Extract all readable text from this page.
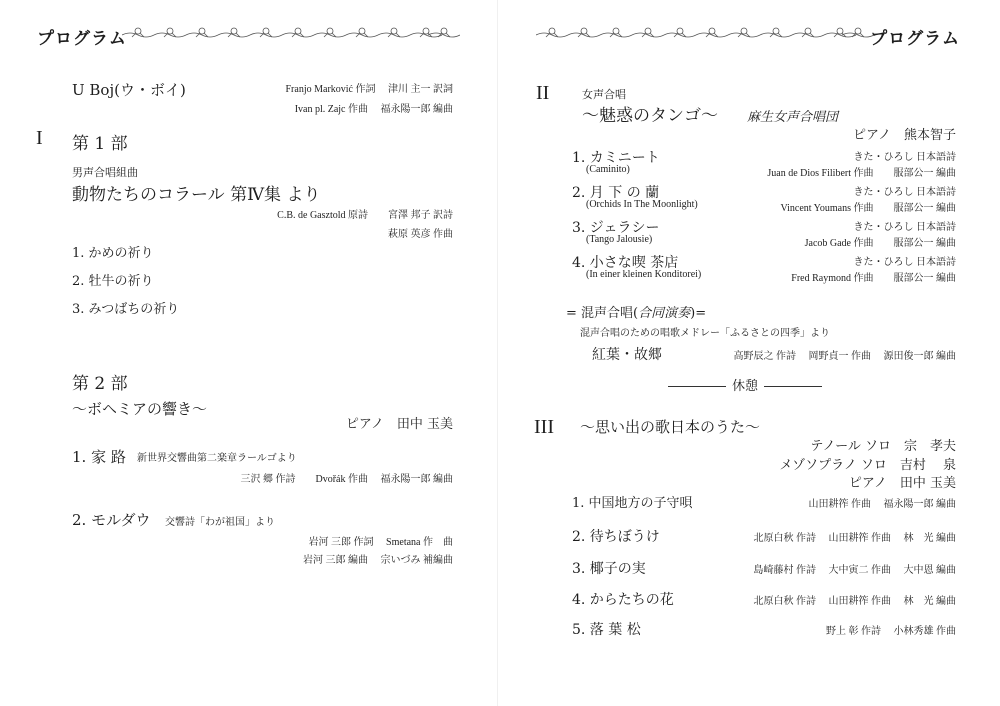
プログラム
U Boj(ウ・ボイ)	Franjo Marković 作詞　 津川 主一 訳詞
Ivan pl. Zajc 作曲　 福永陽一郎 編曲
I 第 1 部
男声合唱組曲
動物たちのコラール 第Ⅳ集 より
C.B. de Gasztold 原詩　　宮澤 邦子 訳詩
萩原 英彦 作曲
1. かめの祈り
2. 牡牛の祈り
3. みつばちの祈り
第 2 部
～ボヘミアの響き～
ピアノ　田中 玉美
1. 家 路 新世界交響曲第二楽章ラールゴより
三沢 郷 作詩　　Dvořák 作曲　 福永陽一郎 編曲
2. モルダウ 交響詩「わが祖国」より
岩河 三郎 作詞　 Smetana 作　曲
岩河 三郎 編曲　 宗いづみ 補編曲
プログラム
II	女声合唱
～魅惑のタンゴ～ 麻生女声合唱団
ピアノ　熊本智子
1. カミニート
(Caminito)
きた・ひろし 日本語詩
Juan de Dios Filibert 作曲　　服部公一 編曲
2. 月 下 の 蘭
(Orchids In The Moonlight)
きた・ひろし 日本語詩
Vincent Youmans 作曲　　服部公一 編曲
3. ジェラシー
(Tango Jalousie)
きた・ひろし 日本語詩
Jacob Gade 作曲　　服部公一 編曲
4. 小さな喫 茶店
(In einer kleinen Konditorei)
きた・ひろし 日本語詩
Fred Raymond 作曲　　服部公一 編曲
= 混声合唱(合同演奏)=
混声合唱のための唱歌メドレー「ふるさとの四季」より
紅葉・故郷	高野辰之 作詩　 岡野貞一 作曲　 源田俊一郎 編曲
休憩
III ～思い出の歌日本のうた～
テノール ソロ　宗　孝夫
メゾソプラノ ソロ　吉村　 泉
ピアノ　田中 玉美
1. 中国地方の子守唄	山田耕筰 作曲　 福永陽一郎 編曲
2. 待ちぼうけ	北原白秋 作詩　 山田耕筰 作曲　 林　光 編曲
3. 椰子の実	島崎藤村 作詩　 大中寅二 作曲　 大中恩 編曲
4. からたちの花	北原白秋 作詩　 山田耕筰 作曲　 林　光 編曲
5. 落 葉 松	野上 彰 作詩　 小林秀雄 作曲
